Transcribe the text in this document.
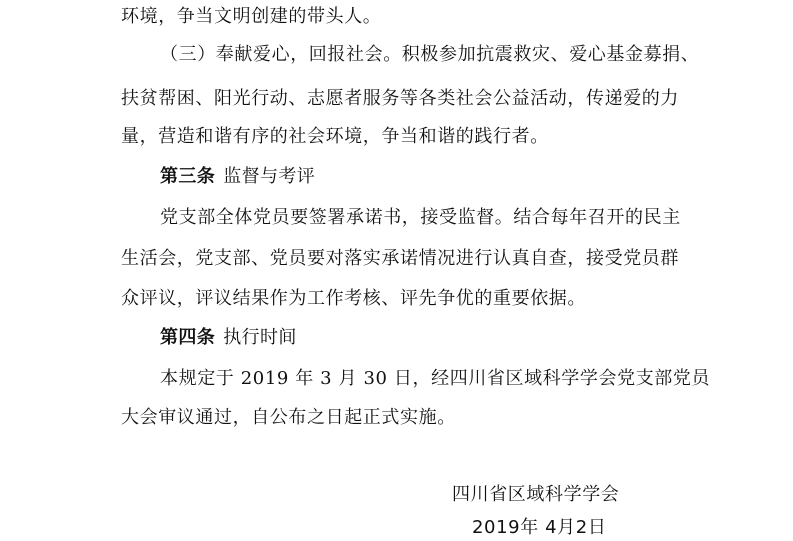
环境，争当文明创建的带头人。
（三）奉献爱心，回报社会。积极参加抗震救灾、爱心基金募捐、
扶贫帮困、阳光行动、志愿者服务等各类社会公益活动，传递爱的力
量，营造和谐有序的社会环境，争当和谐的践行者。
第三条 监督与考评
党支部全体党员要签署承诺书，接受监督。结合每年召开的民主
生活会，党支部、党员要对落实承诺情况进行认真自查，接受党员群
众评议，评议结果作为工作考核、评先争优的重要依据。
第四条 执行时间
本规定于 2019 年 3 月 30 日，经四川省区域科学学会党支部党员
大会审议通过，自公布之日起正式实施。
四川省区域科学学会
2019年 4月2日
